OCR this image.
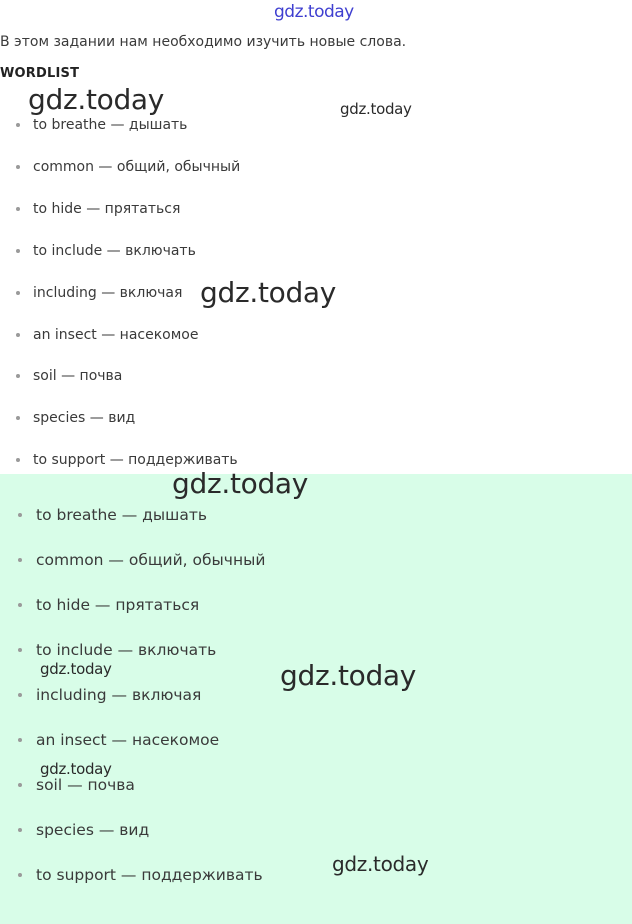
gdz.today
В этом задании нам необходимо изучить новые слова.
WORDLIST
to breathe — дышать
common — общий, обычный
to hide — прятаться
to include — включать
including — включая
an insect — насекомое
soil — почва
species — вид
to support — поддерживать
to breathe — дышать
common — общий, обычный
to hide — прятаться
to include — включать
including — включая
an insect — насекомое
soil — почва
species — вид
to support — поддерживать
gdz.today	gdz.today
gdz.today
gdz.today
gdz.today
gdz.today
gdz.today
gdz.today
